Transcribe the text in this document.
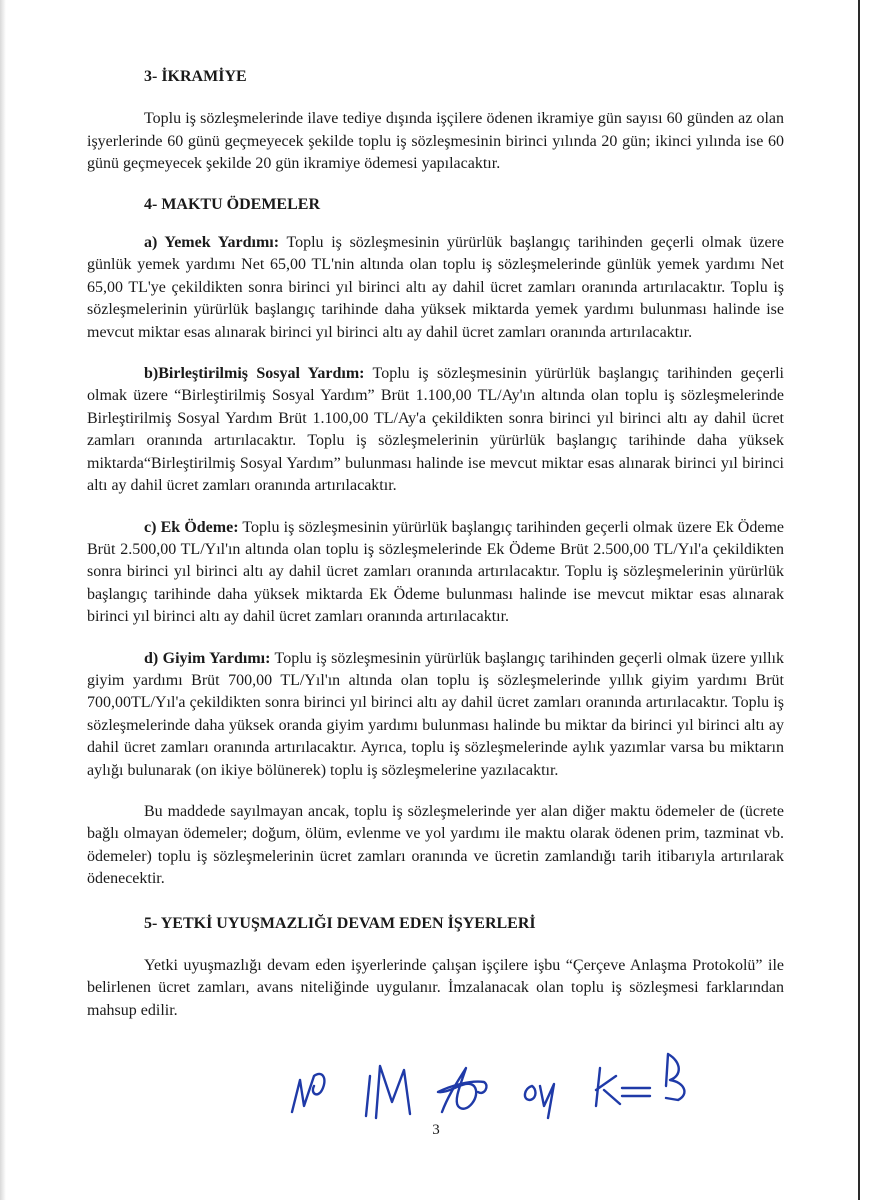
3- İKRAMİYE

Toplu iş sözleşmelerinde ilave tediye dışında işçilere ödenen ikramiye gün sayısı 60 günden az olan işyerlerinde 60 günü geçmeyecek şekilde toplu iş sözleşmesinin birinci yılında 20 gün; ikinci yılında ise 60 günü geçmeyecek şekilde 20 gün ikramiye ödemesi yapılacaktır.

4- MAKTU ÖDEMELER

a) Yemek Yardımı: Toplu iş sözleşmesinin yürürlük başlangıç tarihinden geçerli olmak üzere günlük yemek yardımı Net 65,00 TL'nin altında olan toplu iş sözleşmelerinde günlük yemek yardımı Net 65,00 TL'ye çekildikten sonra birinci yıl birinci altı ay dahil ücret zamları oranında artırılacaktır. Toplu iş sözleşmelerinin yürürlük başlangıç tarihinde daha yüksek miktarda yemek yardımı bulunması halinde ise mevcut miktar esas alınarak birinci yıl birinci altı ay dahil ücret zamları oranında artırılacaktır.

b)Birleştirilmiş Sosyal Yardım: Toplu iş sözleşmesinin yürürlük başlangıç tarihinden geçerli olmak üzere “Birleştirilmiş Sosyal Yardım” Brüt 1.100,00 TL/Ay'ın altında olan toplu iş sözleşmelerinde Birleştirilmiş Sosyal Yardım Brüt 1.100,00 TL/Ay'a çekildikten sonra birinci yıl birinci altı ay dahil ücret zamları oranında artırılacaktır. Toplu iş sözleşmelerinin yürürlük başlangıç tarihinde daha yüksek miktarda“Birleştirilmiş Sosyal Yardım” bulunması halinde ise mevcut miktar esas alınarak birinci yıl birinci altı ay dahil ücret zamları oranında artırılacaktır.

c) Ek Ödeme: Toplu iş sözleşmesinin yürürlük başlangıç tarihinden geçerli olmak üzere Ek Ödeme Brüt 2.500,00 TL/Yıl'ın altında olan toplu iş sözleşmelerinde Ek Ödeme Brüt 2.500,00 TL/Yıl'a çekildikten sonra birinci yıl birinci altı ay dahil ücret zamları oranında artırılacaktır. Toplu iş sözleşmelerinin yürürlük başlangıç tarihinde daha yüksek miktarda Ek Ödeme bulunması halinde ise mevcut miktar esas alınarak birinci yıl birinci altı ay dahil ücret zamları oranında artırılacaktır.

d) Giyim Yardımı: Toplu iş sözleşmesinin yürürlük başlangıç tarihinden geçerli olmak üzere yıllık giyim yardımı Brüt 700,00 TL/Yıl'ın altında olan toplu iş sözleşmelerinde yıllık giyim yardımı Brüt 700,00TL/Yıl'a çekildikten sonra birinci yıl birinci altı ay dahil ücret zamları oranında artırılacaktır. Toplu iş sözleşmelerinde daha yüksek oranda giyim yardımı bulunması halinde bu miktar da birinci yıl birinci altı ay dahil ücret zamları oranında artırılacaktır. Ayrıca, toplu iş sözleşmelerinde aylık yazımlar varsa bu miktarın aylığı bulunarak (on ikiye bölünerek) toplu iş sözleşmelerine yazılacaktır.

Bu maddede sayılmayan ancak, toplu iş sözleşmelerinde yer alan diğer maktu ödemeler de (ücrete bağlı olmayan ödemeler; doğum, ölüm, evlenme ve yol yardımı ile maktu olarak ödenen prim, tazminat vb. ödemeler) toplu iş sözleşmelerinin ücret zamları oranında ve ücretin zamlandığı tarih itibarıyla artırılarak ödenecektir.

5- YETKİ UYUŞMAZLIĞI DEVAM EDEN İŞYERLERİ

Yetki uyuşmazlığı devam eden işyerlerinde çalışan işçilere işbu “Çerçeve Anlaşma Protokolü” ile belirlenen ücret zamları, avans niteliğinde uygulanır. İmzalanacak olan toplu iş sözleşmesi farklarından mahsup edilir.

3
